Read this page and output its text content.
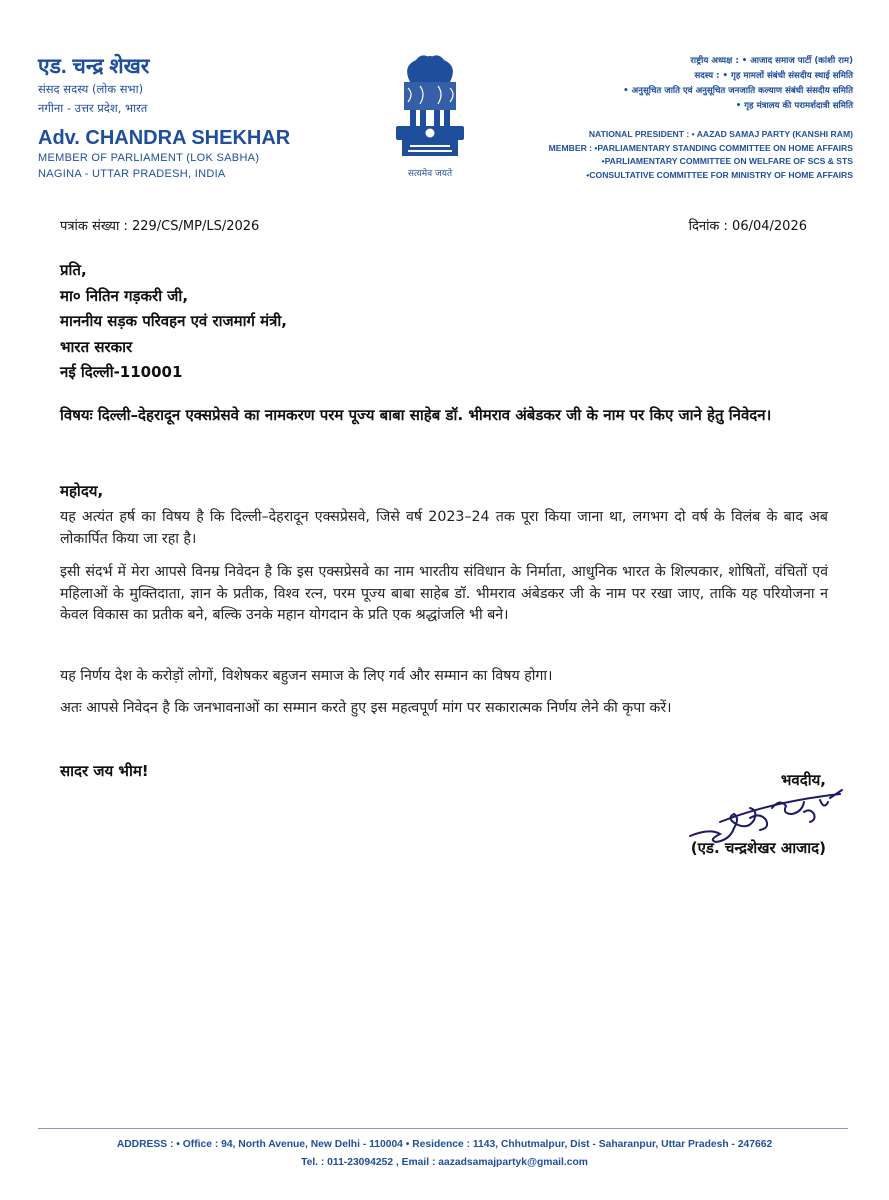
एड. चन्द्र शेखर
संसद सदस्य (लोक सभा)
नगीना - उत्तर प्रदेश, भारत
Adv. CHANDRA SHEKHAR
MEMBER OF PARLIAMENT (LOK SABHA)
NAGINA - UTTAR PRADESH, INDIA	सत्यमेव जयते
राष्ट्रीय अध्यक्ष : • आजाद समाज पार्टी (कांशी राम)
सदस्य : • गृह मामलों संबंधी संसदीय स्थाई समिति
• अनुसूचित जाति एवं अनुसूचित जनजाति कल्याण संबंधी संसदीय समिति
• गृह मंत्रालय की परामर्शदात्री समिति
NATIONAL PRESIDENT : • AAZAD SAMAJ PARTY (KANSHI RAM)
MEMBER : •PARLIAMENTARY STANDING COMMITTEE ON HOME AFFAIRS
•PARLIAMENTARY COMMITTEE ON WELFARE OF SCS & STS
•CONSULTATIVE COMMITTEE FOR MINISTRY OF HOME AFFAIRS
पत्रांक संख्या : 229/CS/MP/LS/2026	दिनांक : 06/04/2026
प्रति,
मा० नितिन गड़करी जी,
माननीय सड़क परिवहन एवं राजमार्ग मंत्री,
भारत सरकार
नई दिल्ली-110001
विषयः दिल्ली–देहरादून एक्सप्रेसवे का नामकरण परम पूज्य बाबा साहेब डॉ. भीमराव अंबेडकर जी के नाम पर किए जाने हेतु निवेदन।
महोदय,
यह अत्यंत हर्ष का विषय है कि दिल्ली–देहरादून एक्सप्रेसवे, जिसे वर्ष 2023–24 तक पूरा किया जाना था, लगभग दो वर्ष के विलंब के बाद अब लोकार्पित किया जा रहा है।
इसी संदर्भ में मेरा आपसे विनम्र निवेदन है कि इस एक्सप्रेसवे का नाम भारतीय संविधान के निर्माता, आधुनिक भारत के शिल्पकार, शोषितों, वंचितों एवं महिलाओं के मुक्तिदाता, ज्ञान के प्रतीक, विश्व रत्न, परम पूज्य बाबा साहेब डॉ. भीमराव अंबेडकर जी के नाम पर रखा जाए, ताकि यह परियोजना न केवल विकास का प्रतीक बने, बल्कि उनके महान योगदान के प्रति एक श्रद्धांजलि भी बने।
यह निर्णय देश के करोड़ों लोगों, विशेषकर बहुजन समाज के लिए गर्व और सम्मान का विषय होगा।
अतः आपसे निवेदन है कि जनभावनाओं का सम्मान करते हुए इस महत्वपूर्ण मांग पर सकारात्मक निर्णय लेने की कृपा करें।
सादर जय भीम!	भवदीय,
(एड. चन्द्रशेखर आजाद)
ADDRESS : • Office : 94, North Avenue, New Delhi - 110004 • Residence : 1143, Chhutmalpur, Dist - Saharanpur, Uttar Pradesh - 247662
Tel. : 011-23094252 , Email : aazadsamajpartyk@gmail.com
